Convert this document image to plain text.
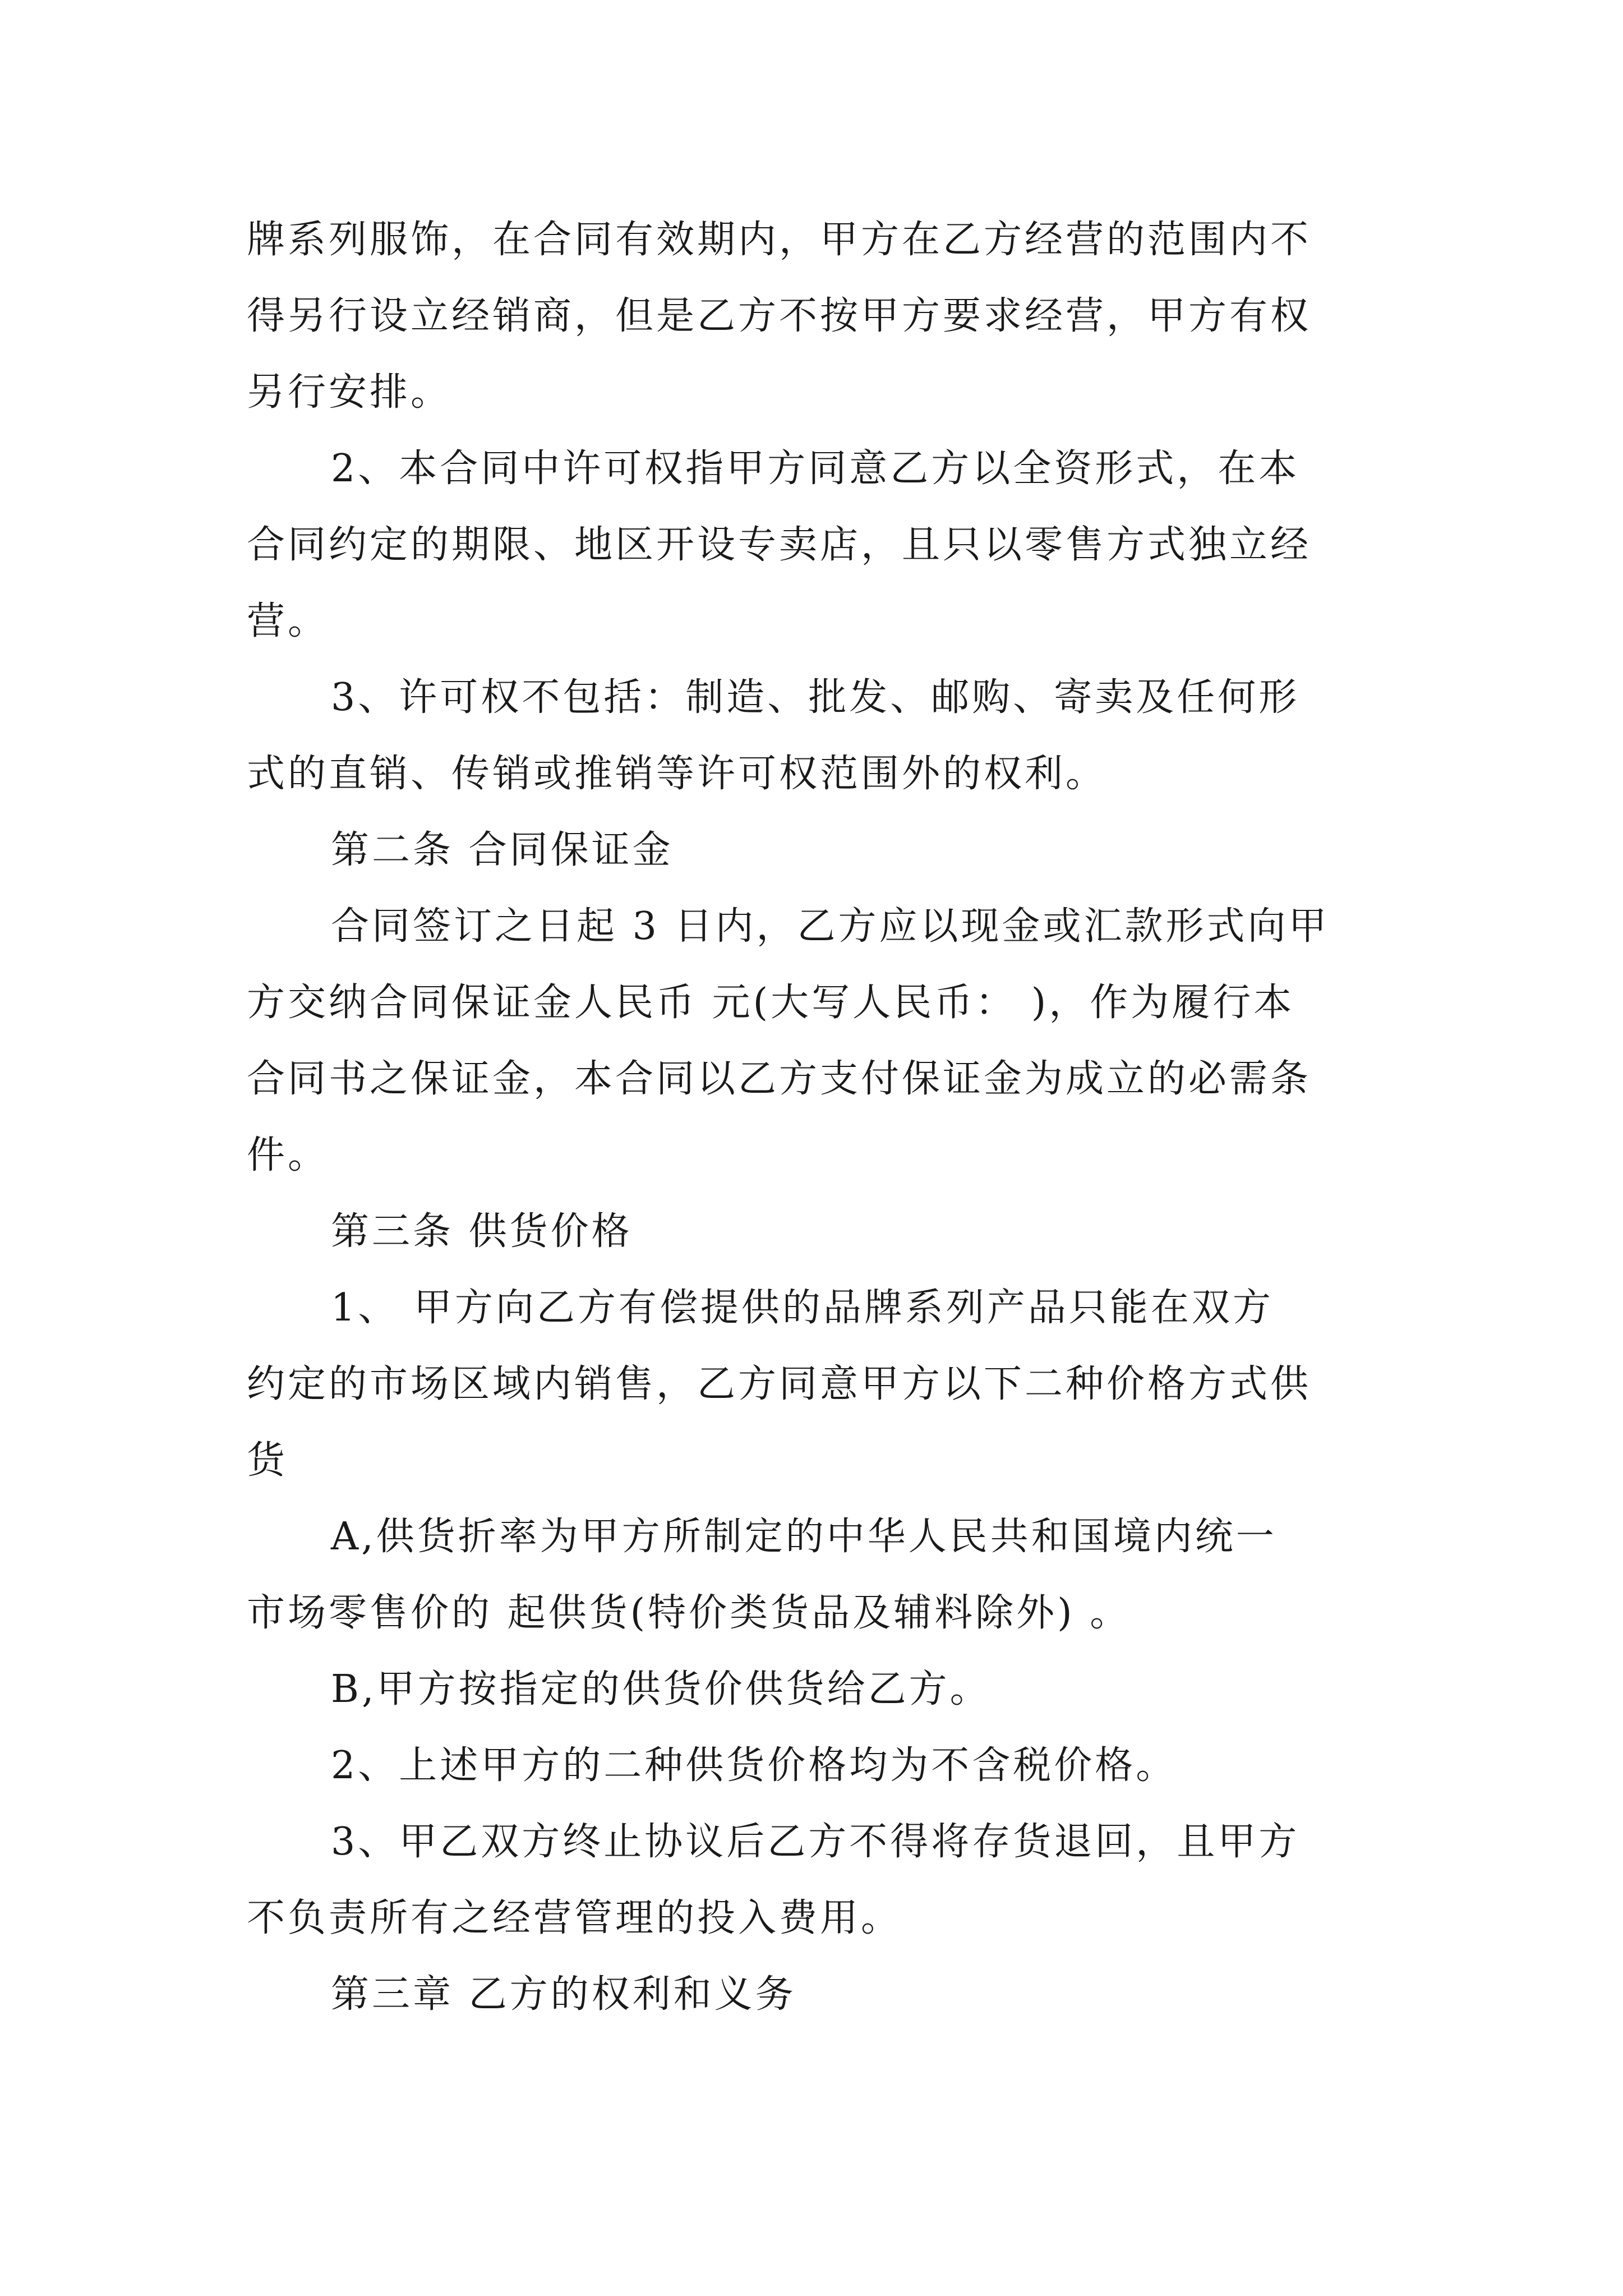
牌系列服饰，在合同有效期内，甲方在乙方经营的范围内不
得另行设立经销商，但是乙方不按甲方要求经营，甲方有权
另行安排。
2、本合同中许可权指甲方同意乙方以全资形式，在本
合同约定的期限、地区开设专卖店，且只以零售方式独立经
营。
3、许可权不包括：制造、批发、邮购、寄卖及任何形
式的直销、传销或推销等许可权范围外的权利。
第二条 合同保证金
合同签订之日起 3 日内，乙方应以现金或汇款形式向甲
方交纳合同保证金人民币 元(大写人民币： )，作为履行本
合同书之保证金，本合同以乙方支付保证金为成立的必需条
件。
第三条 供货价格
1、 甲方向乙方有偿提供的品牌系列产品只能在双方
约定的市场区域内销售，乙方同意甲方以下二种价格方式供
货
A,供货折率为甲方所制定的中华人民共和国境内统一
市场零售价的 起供货(特价类货品及辅料除外) 。
B,甲方按指定的供货价供货给乙方。
2、上述甲方的二种供货价格均为不含税价格。
3、甲乙双方终止协议后乙方不得将存货退回，且甲方
不负责所有之经营管理的投入费用。
第三章 乙方的权利和义务
